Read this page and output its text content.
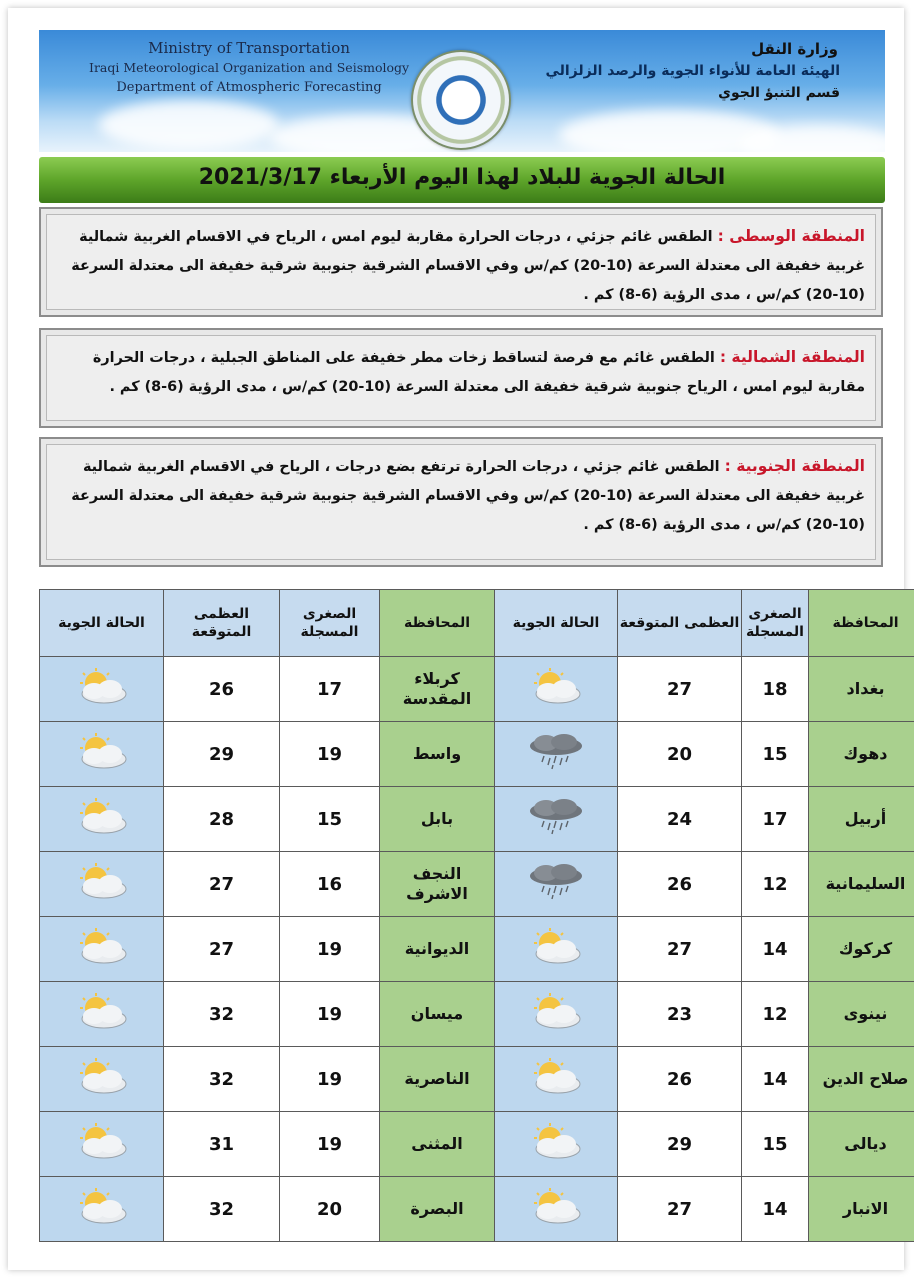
Ministry of Transportation
Iraqi Meteorological Organization and Seismology
Department of Atmospheric Forecasting
وزارة النقل
الهيئة العامة للأنواء الجوية والرصد الزلزالي
قسم التنبؤ الجوي
الحالة الجوية للبلاد لهذا اليوم الأربعاء 2021/3/17
المنطقة الوسطى : الطقس غائم جزئي ، درجات الحرارة مقاربة ليوم امس ، الرياح في الاقسام الغربية شمالية غربية خفيفة الى معتدلة السرعة (10-20) كم/س وفي الاقسام الشرقية جنوبية شرقية خفيفة الى معتدلة السرعة (10-20) كم/س ، مدى الرؤية (6-8) كم .
المنطقة الشمالية : الطقس غائم مع فرصة لتساقط زخات مطر خفيفة على المناطق الجبلية ، درجات الحرارة مقاربة ليوم امس ، الرياح جنوبية شرقية خفيفة الى معتدلة السرعة (10-20) كم/س ، مدى الرؤية (6-8) كم .
المنطقة الجنوبية : الطقس غائم جزئي ، درجات الحرارة ترتفع بضع درجات ، الرياح في الاقسام الغربية شمالية غربية خفيفة الى معتدلة السرعة (10-20) كم/س وفي الاقسام الشرقية جنوبية شرقية خفيفة الى معتدلة السرعة (10-20) كم/س ، مدى الرؤية (6-8) كم .
الحالة الجوية	العظمى المتوقعة	الصغرى المسجلة	المحافظة	الحالة الجوية	العظمى المتوقعة	الصغرى المسجلة	المحافظة

	26	17	كربلاء المقدسة		27	18	بغداد

	29	19	واسط		20	15	دهوك

	28	15	بابل		24	17	أربيل

	27	16	النجف الاشرف		26	12	السليمانية

	27	19	الديوانية		27	14	كركوك

	32	19	ميسان		23	12	نينوى

	32	19	الناصرية		26	14	صلاح الدين

	31	19	المثنى		29	15	ديالى

	32	20	البصرة		27	14	الانبار
